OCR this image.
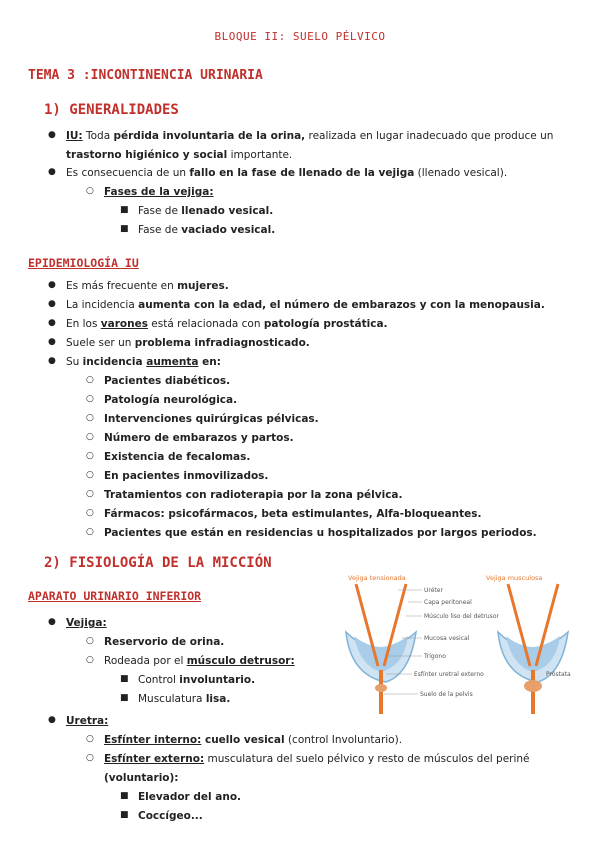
BLOQUE II: SUELO PÉLVICO
TEMA 3 :INCONTINENCIA URINARIA
1) GENERALIDADES
● IU: Toda pérdida involuntaria de la orina, realizada en lugar inadecuado que produce un
trastorno higiénico y social importante.
● Es consecuencia de un fallo en la fase de llenado de la vejiga (llenado vesical).
○ Fases de la vejiga:
■ Fase de llenado vesical.
■ Fase de vaciado vesical.
EPIDEMIOLOGÍA IU
● Es más frecuente en mujeres.
● La incidencia aumenta con la edad, el número de embarazos y con la menopausia.
● En los varones está relacionada con patología prostática.
● Suele ser un problema infradiagnosticado.
● Su incidencia aumenta en:
○ Pacientes diabéticos.
○ Patología neurológica.
○ Intervenciones quirúrgicas pélvicas.
○ Número de embarazos y partos.
○ Existencia de fecalomas.
○ En pacientes inmovilizados.
○ Tratamientos con radioterapia por la zona pélvica.
○ Fármacos: psicofármacos, beta estimulantes, Alfa-bloqueantes.
○ Pacientes que están en residencias u hospitalizados por largos periodos.
2) FISIOLOGÍA DE LA MICCIÓN
APARATO URINARIO INFERIOR
● Vejiga:
○ Reservorio de orina.
○ Rodeada por el músculo detrusor:
■ Control involuntario.
■ Musculatura lisa.
● Uretra:
○ Esfínter interno: cuello vesical (control Involuntario).
○ Esfínter externo: musculatura del suelo pélvico y resto de músculos del periné
(voluntario):
■ Elevador del ano.
■ Coccígeo...
Vejiga tensionada	Vejiga musculosa
Uréter
Capa peritoneal
Músculo liso del detrusor
Mucosa vesical
Trígono
Esfínter uretral externo
Suelo de la pelvis
Próstata
